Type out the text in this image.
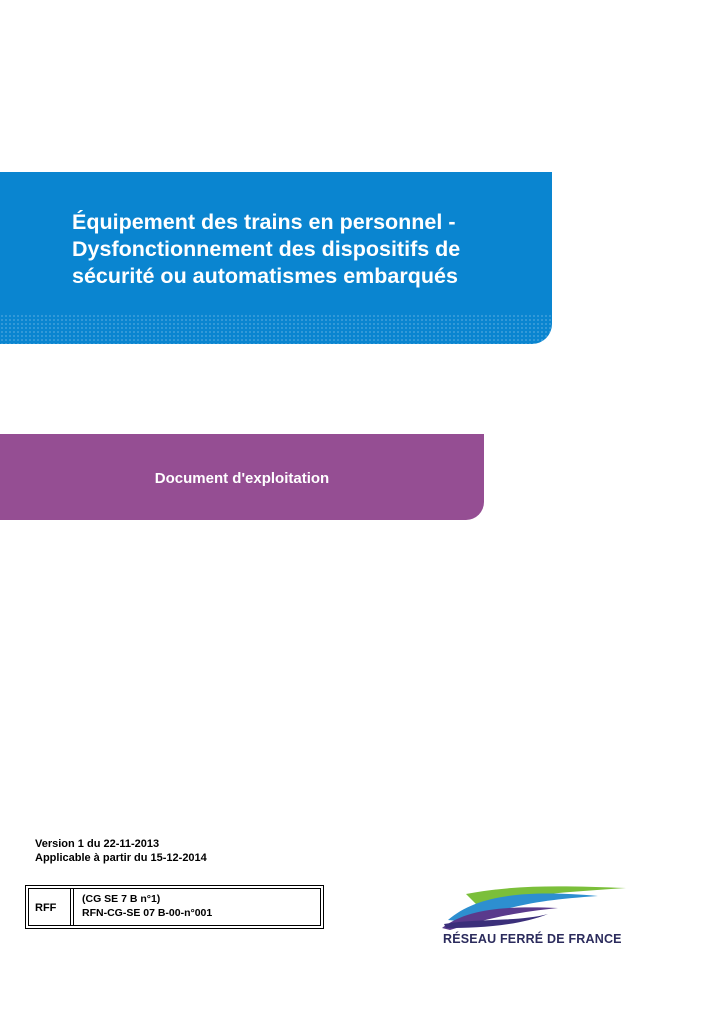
Équipement des trains en personnel -
Dysfonctionnement des dispositifs de
sécurité ou automatismes embarqués
Document d'exploitation
Version 1 du 22-11-2013
Applicable à partir du 15-12-2014
RFF
(CG SE 7 B n°1)
RFN-CG-SE 07 B-00-n°001
RÉSEAU FERRÉ DE FRANCE
